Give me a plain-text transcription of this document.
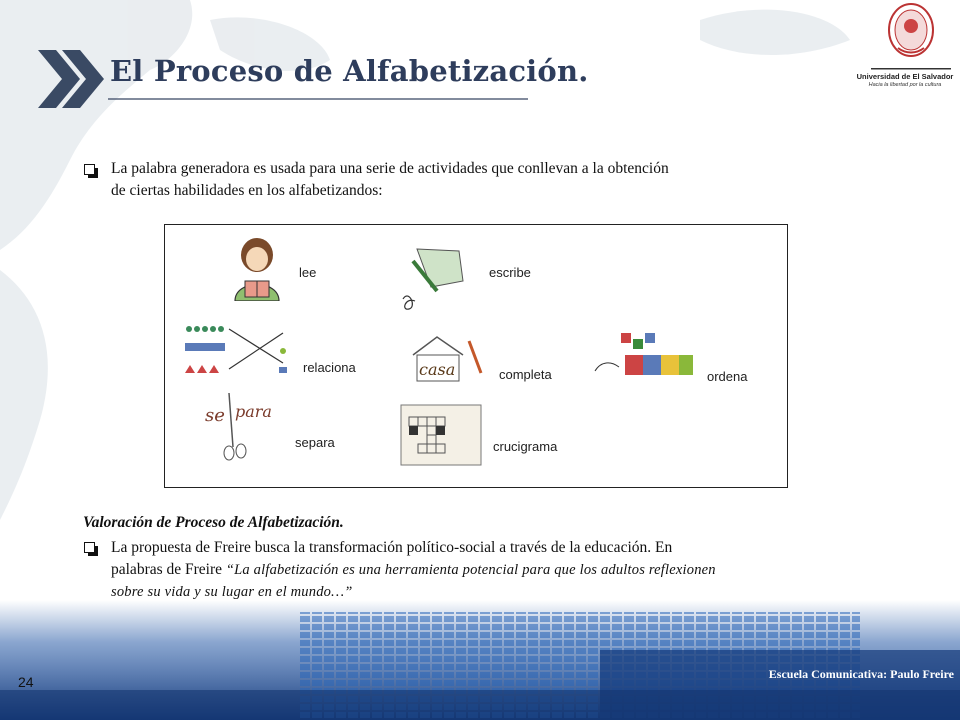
El Proceso de Alfabetización.	Universidad de El Salvador
Hacia la libertad por la cultura
La palabra generadora es usada para una serie de actividades que conllevan a la obtención
de ciertas habilidades en los alfabetizandos:
lee	escribe
relaciona	casa	completa	ordena
se para
separa	crucigrama
Valoración de Proceso de Alfabetización.
La propuesta de Freire busca la transformación político-social a través de la educación. En
palabras de Freire “La alfabetización es una herramienta potencial para que los adultos reflexionen
sobre su vida y su lugar en el mundo…”
24	Escuela Comunicativa: Paulo Freire
